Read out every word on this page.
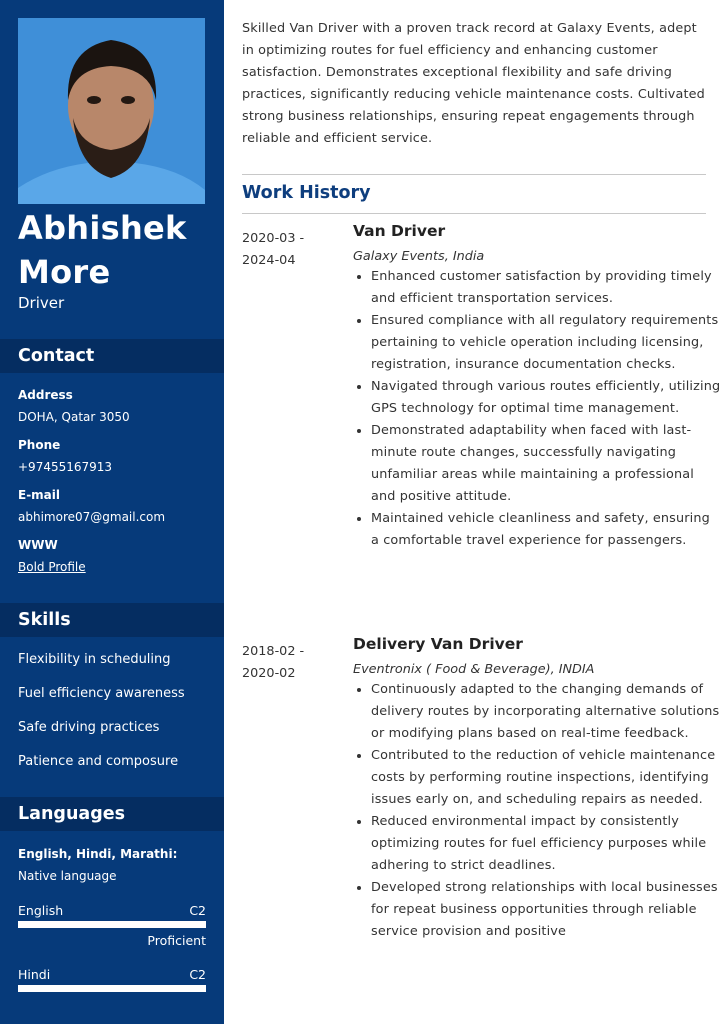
Abhishek
More
Driver
Contact
Address
DOHA, Qatar 3050
Phone
+97455167913
E-mail
abhimore07@gmail.com
WWW
Bold Profile
Skills
Flexibility in scheduling
Fuel efficiency awareness
Safe driving practices
Patience and composure
Languages
English, Hindi, Marathi:
Native language
English	C2
Proficient
Hindi	C2
Skilled Van Driver with a proven track record at Galaxy Events, adept in optimizing routes for fuel efficiency and enhancing customer satisfaction. Demonstrates exceptional flexibility and safe driving practices, significantly reducing vehicle maintenance costs. Cultivated strong business relationships, ensuring repeat engagements through reliable and efficient service.
Work History
2020-03 - 2024-04
Van Driver
Galaxy Events, India
• Enhanced customer satisfaction by providing timely and efficient transportation services.
• Ensured compliance with all regulatory requirements pertaining to vehicle operation including licensing, registration, insurance documentation checks.
• Navigated through various routes efficiently, utilizing GPS technology for optimal time management.
• Demonstrated adaptability when faced with last-minute route changes, successfully navigating unfamiliar areas while maintaining a professional and positive attitude.
• Maintained vehicle cleanliness and safety, ensuring a comfortable travel experience for passengers.
2018-02 - 2020-02
Delivery Van Driver
Eventronix ( Food & Beverage), INDIA
• Continuously adapted to the changing demands of delivery routes by incorporating alternative solutions or modifying plans based on real-time feedback.
• Contributed to the reduction of vehicle maintenance costs by performing routine inspections, identifying issues early on, and scheduling repairs as needed.
• Reduced environmental impact by consistently optimizing routes for fuel efficiency purposes while adhering to strict deadlines.
• Developed strong relationships with local businesses for repeat business opportunities through reliable service provision and positive
